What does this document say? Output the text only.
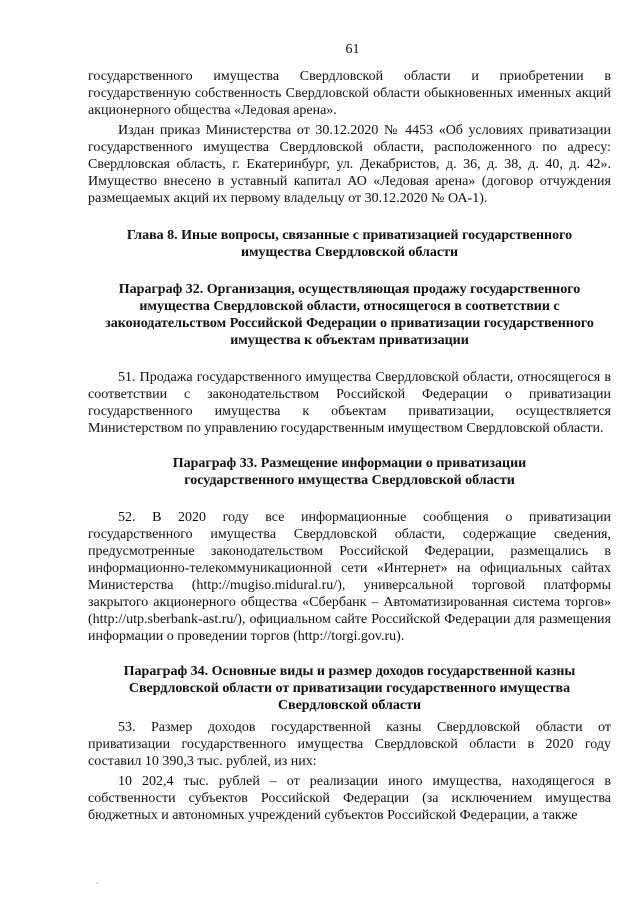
61

государственного имущества Свердловской области и приобретении в государственную собственность Свердловской области обыкновенных именных акций акционерного общества «Ледовая арена».

Издан приказ Министерства от 30.12.2020 № 4453 «Об условиях приватизации государственного имущества Свердловской области, расположенного по адресу: Свердловская область, г. Екатеринбург, ул. Декабристов, д. 36, д. 38, д. 40, д. 42». Имущество внесено в уставный капитал АО «Ледовая арена» (договор отчуждения размещаемых акций их первому владельцу от 30.12.2020 № ОА-1).

Глава 8. Иные вопросы, связанные с приватизацией государственного имущества Свердловской области
Параграф 32. Организация, осуществляющая продажу государственного имущества Свердловской области, относящегося в соответствии с законодательством Российской Федерации о приватизации государственного имущества к объектам приватизации

51. Продажа государственного имущества Свердловской области, относящегося в соответствии с законодательством Российской Федерации о приватизации государственного имущества к объектам приватизации, осуществляется Министерством по управлению государственным имуществом Свердловской области.

Параграф 33. Размещение информации о приватизации государственного имущества Свердловской области

52. В 2020 году все информационные сообщения о приватизации государственного имущества Свердловской области, содержащие сведения, предусмотренные законодательством Российской Федерации, размещались в информационно-телекоммуникационной сети «Интернет» на официальных сайтах Министерства (http://mugiso.midural.ru/), универсальной торговой платформы закрытого акционерного общества «Сбербанк – Автоматизированная система торгов» (http://utp.sberbank-ast.ru/), официальном сайте Российской Федерации для размещения информации о проведении торгов (http://torgi.gov.ru).

Параграф 34. Основные виды и размер доходов государственной казны Свердловской области от приватизации государственного имущества Свердловской области

53. Размер доходов государственной казны Свердловской области от приватизации государственного имущества Свердловской области в 2020 году составил 10 390,3 тыс. рублей, из них:

10 202,4 тыс. рублей – от реализации иного имущества, находящегося в собственности субъектов Российской Федерации (за исключением имущества бюджетных и автономных учреждений субъектов Российской Федерации, а также
